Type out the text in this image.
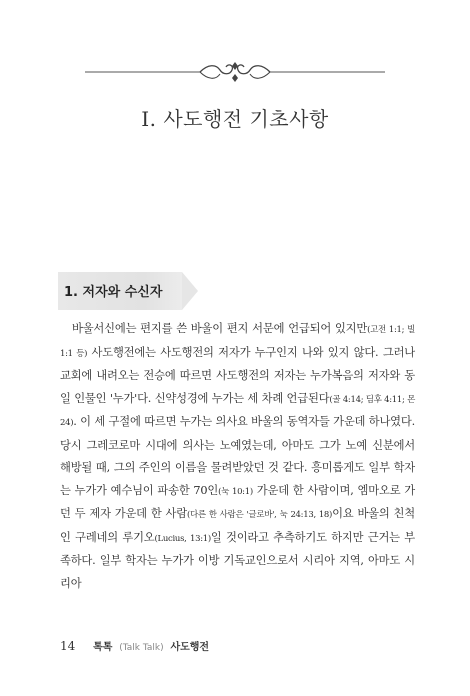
Ⅰ. 사도행전 기초사항
1. 저자와 수신자

바울서신에는 편지를 쓴 바울이 편지 서문에 언급되어 있지만(고전 1:1; 빌 1:1 등) 사도행전에는 사도행전의 저자가 누구인지 나와 있지 않다. 그러나 교회에 내려오는 전승에 따르면 사도행전의 저자는 누가복음의 저자와 동일 인물인 '누가'다. 신약성경에 누가는 세 차례 언급된다(골 4:14; 딤후 4:11; 몬 24). 이 세 구절에 따르면 누가는 의사요 바울의 동역자들 가운데 하나였다. 당시 그레코로마 시대에 의사는 노예였는데, 아마도 그가 노예 신분에서 해방될 때, 그의 주인의 이름을 물려받았던 것 같다. 흥미롭게도 일부 학자는 누가가 예수님이 파송한 70인(눅 10:1) 가운데 한 사람이며, 엠마오로 가던 두 제자 가운데 한 사람(다른 한 사람은 '글로바', 눅 24:13, 18)이요 바울의 친척인 구레네의 루기오(Lucius, 13:1)일 것이라고 추측하기도 하지만 근거는 부족하다. 일부 학자는 누가가 이방 기독교인으로서 시리아 지역, 아마도 시리아

14 톡톡 (Talk Talk) 사도행전
